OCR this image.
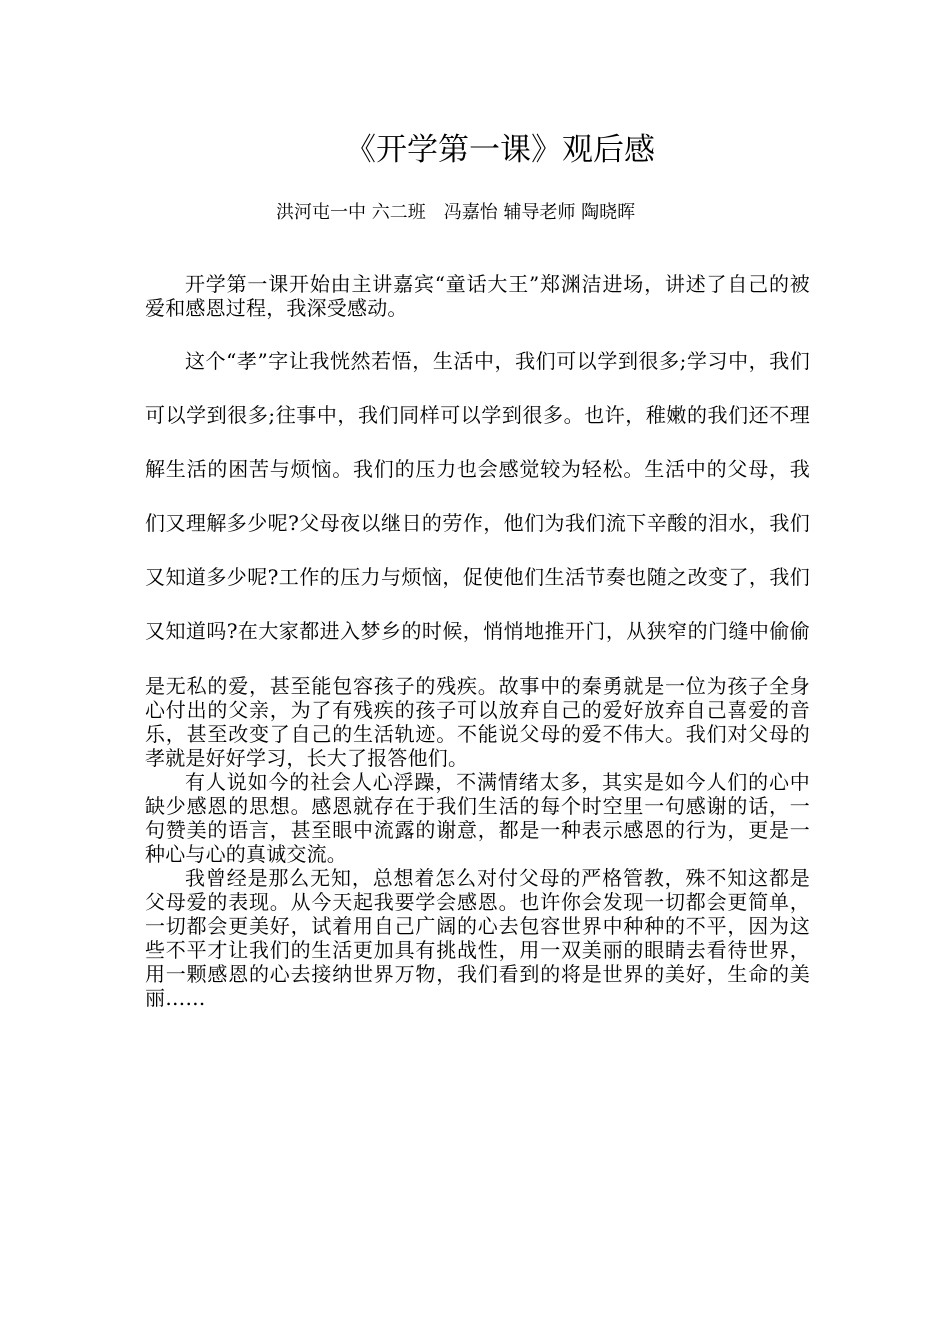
《开学第一课》观后感
洪河屯一中 六二班　冯嘉怡 辅导老师 陶晓晖

开学第一课开始由主讲嘉宾“童话大王”郑渊洁进场，讲述了自己的被爱和感恩过程，我深受感动。

这个“孝”字让我恍然若悟，生活中，我们可以学到很多;学习中，我们可以学到很多;往事中，我们同样可以学到很多。也许，稚嫩的我们还不理解生活的困苦与烦恼。我们的压力也会感觉较为轻松。生活中的父母，我们又理解多少呢?父母夜以继日的劳作，他们为我们流下辛酸的泪水，我们又知道多少呢?工作的压力与烦恼，促使他们生活节奏也随之改变了，我们又知道吗?在大家都进入梦乡的时候，悄悄地推开门，从狭窄的门缝中偷偷

是无私的爱，甚至能包容孩子的残疾。故事中的秦勇就是一位为孩子全身心付出的父亲，为了有残疾的孩子可以放弃自己的爱好放弃自己喜爱的音乐，甚至改变了自己的生活轨迹。不能说父母的爱不伟大。我们对父母的孝就是好好学习，长大了报答他们。

有人说如今的社会人心浮躁，不满情绪太多，其实是如今人们的心中缺少感恩的思想。感恩就存在于我们生活的每个时空里一句感谢的话，一句赞美的语言，甚至眼中流露的谢意，都是一种表示感恩的行为，更是一种心与心的真诚交流。

我曾经是那么无知，总想着怎么对付父母的严格管教，殊不知这都是父母爱的表现。从今天起我要学会感恩。也许你会发现一切都会更简单，一切都会更美好，试着用自己广阔的心去包容世界中种种的不平，因为这些不平才让我们的生活更加具有挑战性，用一双美丽的眼睛去看待世界，用一颗感恩的心去接纳世界万物，我们看到的将是世界的美好，生命的美丽……
